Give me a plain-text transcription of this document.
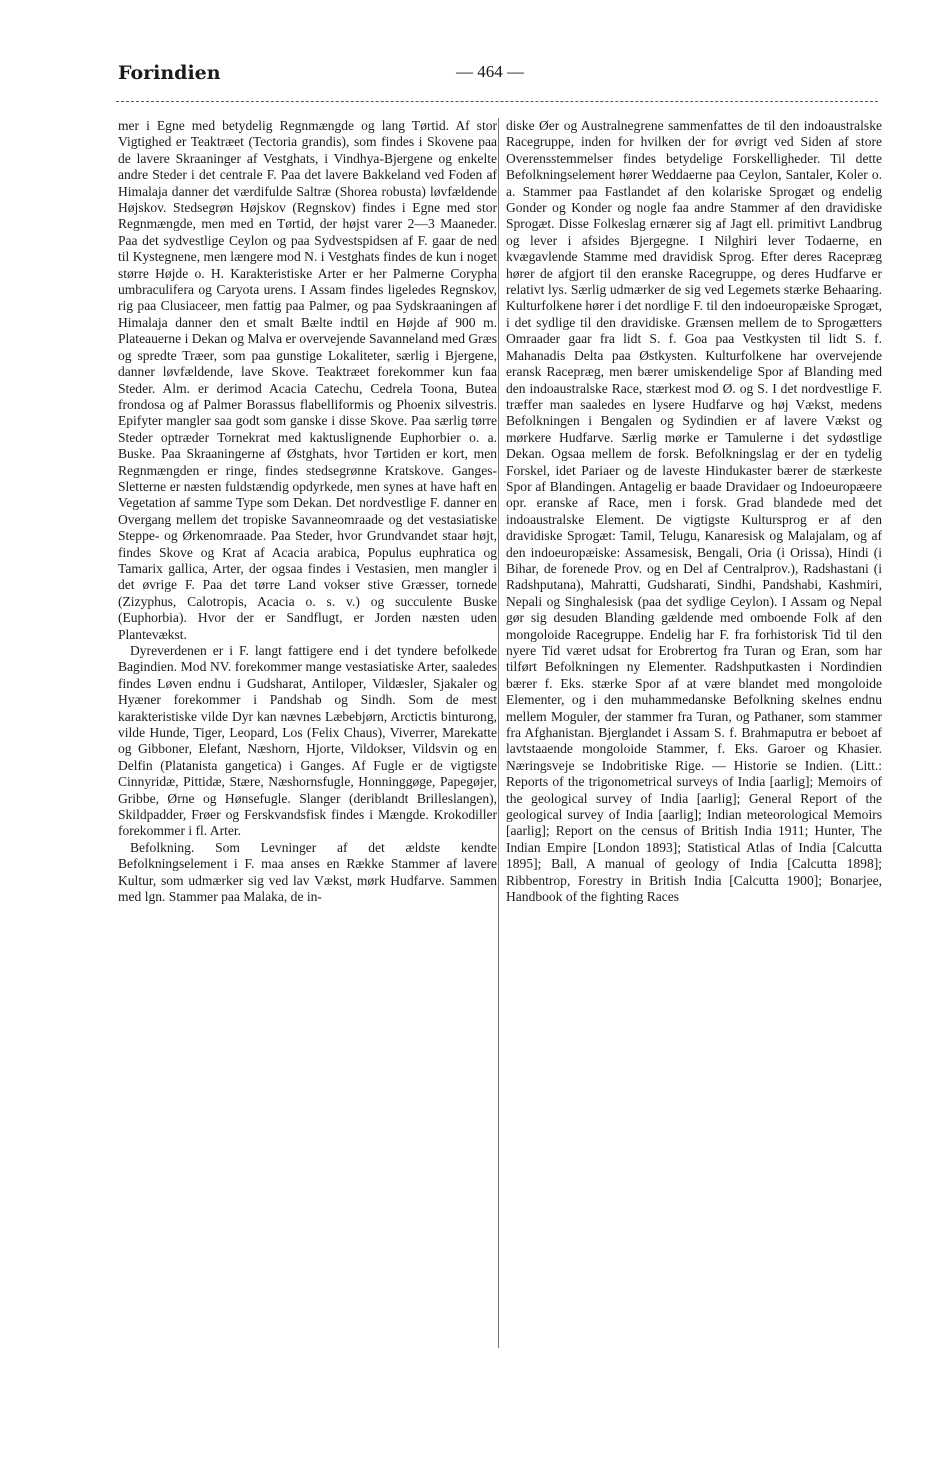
Forindien	— 464 —

mer i Egne med betydelig Regnmængde og lang Tørtid. Af stor Vigtighed er Teaktræet (Tectoria grandis), som findes i Skovene paa de lavere Skraaninger af Vestghats, i Vindhya-Bjergene og enkelte andre Steder i det centrale F. Paa det lavere Bakkeland ved Foden af Himalaja danner det værdifulde Saltræ (Shorea robusta) løvfældende Højskov. Stedsegrøn Højskov (Regnskov) findes i Egne med stor Regnmængde, men med en Tørtid, der højst varer 2—3 Maaneder. Paa det sydvestlige Ceylon og paa Sydvestspidsen af F. gaar de ned til Kystegnene, men længere mod N. i Vestghats findes de kun i noget større Højde o. H. Karakteristiske Arter er her Palmerne Corypha umbraculifera og Caryota urens. I Assam findes ligeledes Regnskov, rig paa Clusiaceer, men fattig paa Palmer, og paa Sydskraaningen af Himalaja danner den et smalt Bælte indtil en Højde af 900 m. Plateauerne i Dekan og Malva er overvejende Savanneland med Græs og spredte Træer, som paa gunstige Lokaliteter, særlig i Bjergene, danner løvfældende, lave Skove. Teaktræet forekommer kun faa Steder. Alm. er derimod Acacia Catechu, Cedrela Toona, Butea frondosa og af Palmer Borassus flabelliformis og Phoenix silvestris. Epifyter mangler saa godt som ganske i disse Skove. Paa særlig tørre Steder optræder Tornekrat med kaktuslignende Euphorbier o. a. Buske. Paa Skraaningerne af Østghats, hvor Tørtiden er kort, men Regnmængden er ringe, findes stedsegrønne Kratskove. Ganges-Sletterne er næsten fuldstændig opdyrkede, men synes at have haft en Vegetation af samme Type som Dekan. Det nordvestlige F. danner en Overgang mellem det tropiske Savanneomraade og det vestasiatiske Steppe- og Ørkenomraade. Paa Steder, hvor Grundvandet staar højt, findes Skove og Krat af Acacia arabica, Populus euphratica og Tamarix gallica, Arter, der ogsaa findes i Vestasien, men mangler i det øvrige F. Paa det tørre Land vokser stive Græsser, tornede (Zizyphus, Calotropis, Acacia o. s. v.) og succulente Buske (Euphorbia). Hvor der er Sandflugt, er Jorden næsten uden Plantevækst.

Dyreverdenen er i F. langt fattigere end i det tyndere befolkede Bagindien. Mod NV. forekommer mange vestasiatiske Arter, saaledes findes Løven endnu i Gudsharat, Antiloper, Vildæsler, Sjakaler og Hyæner forekommer i Pandshab og Sindh. Som de mest karakteristiske vilde Dyr kan nævnes Læbebjørn, Arctictis binturong, vilde Hunde, Tiger, Leopard, Los (Felix Chaus), Viverrer, Marekatte og Gibboner, Elefant, Næshorn, Hjorte, Vildokser, Vildsvin og en Delfin (Platanista gangetica) i Ganges. Af Fugle er de vigtigste Cinnyridæ, Pittidæ, Stære, Næshornsfugle, Honninggøge, Papegøjer, Gribbe, Ørne og Hønsefugle. Slanger (deriblandt Brilleslangen), Skildpadder, Frøer og Ferskvandsfisk findes i Mængde. Krokodiller forekommer i fl. Arter.

Befolkning. Som Levninger af det ældste kendte Befolkningselement i F. maa anses en Række Stammer af lavere Kultur, som udmærker sig ved lav Vækst, mørk Hudfarve. Sammen med lgn. Stammer paa Malaka, de in-

diske Øer og Australnegrene sammenfattes de til den indoaustralske Racegruppe, inden for hvilken der for øvrigt ved Siden af store Overensstemmelser findes betydelige Forskelligheder. Til dette Befolkningselement hører Weddaerne paa Ceylon, Santaler, Koler o. a. Stammer paa Fastlandet af den kolariske Sprogæt og endelig Gonder og Konder og nogle faa andre Stammer af den dravidiske Sprogæt. Disse Folkeslag ernærer sig af Jagt ell. primitivt Landbrug og lever i afsides Bjergegne. I Nilghiri lever Todaerne, en kvægavlende Stamme med dravidisk Sprog. Efter deres Racepræg hører de afgjort til den eranske Racegruppe, og deres Hudfarve er relativt lys. Særlig udmærker de sig ved Legemets stærke Behaaring. Kulturfolkene hører i det nordlige F. til den indoeuropæiske Sprogæt, i det sydlige til den dravidiske. Grænsen mellem de to Sprogætters Omraader gaar fra lidt S. f. Goa paa Vestkysten til lidt S. f. Mahanadis Delta paa Østkysten. Kulturfolkene har overvejende eransk Racepræg, men bærer umiskendelige Spor af Blanding med den indoaustralske Race, stærkest mod Ø. og S. I det nordvestlige F. træffer man saaledes en lysere Hudfarve og høj Vækst, medens Befolkningen i Bengalen og Sydindien er af lavere Vækst og mørkere Hudfarve. Særlig mørke er Tamulerne i det sydøstlige Dekan. Ogsaa mellem de forsk. Befolkningslag er der en tydelig Forskel, idet Pariaer og de laveste Hindukaster bærer de stærkeste Spor af Blandingen. Antagelig er baade Dravidaer og Indoeuropæere opr. eranske af Race, men i forsk. Grad blandede med det indoaustralske Element. De vigtigste Kultursprog er af den dravidiske Sprogæt: Tamil, Telugu, Kanaresisk og Malajalam, og af den indoeuropæiske: Assamesisk, Bengali, Oria (i Orissa), Hindi (i Bihar, de forenede Prov. og en Del af Centralprov.), Radshastani (i Radshputana), Mahratti, Gudsharati, Sindhi, Pandshabi, Kashmiri, Nepali og Singhalesisk (paa det sydlige Ceylon). I Assam og Nepal gør sig desuden Blanding gældende med omboende Folk af den mongoloide Racegruppe. Endelig har F. fra forhistorisk Tid til den nyere Tid været udsat for Erobrertog fra Turan og Eran, som har tilført Befolkningen ny Elementer. Radshputkasten i Nordindien bærer f. Eks. stærke Spor af at være blandet med mongoloide Elementer, og i den muhammedanske Befolkning skelnes endnu mellem Moguler, der stammer fra Turan, og Pathaner, som stammer fra Afghanistan. Bjerglandet i Assam S. f. Brahmaputra er beboet af lavtstaaende mongoloide Stammer, f. Eks. Garoer og Khasier. Næringsveje se Indobritiske Rige. — Historie se Indien. (Litt.: Reports of the trigonometrical surveys of India [aarlig]; Memoirs of the geological survey of India [aarlig]; General Report of the geological survey of India [aarlig]; Indian meteorological Memoirs [aarlig]; Report on the census of British India 1911; Hunter, The Indian Empire [London 1893]; Statistical Atlas of India [Calcutta 1895]; Ball, A manual of geology of India [Calcutta 1898]; Ribbentrop, Forestry in British India [Calcutta 1900]; Bonarjee, Handbook of the fighting Races
